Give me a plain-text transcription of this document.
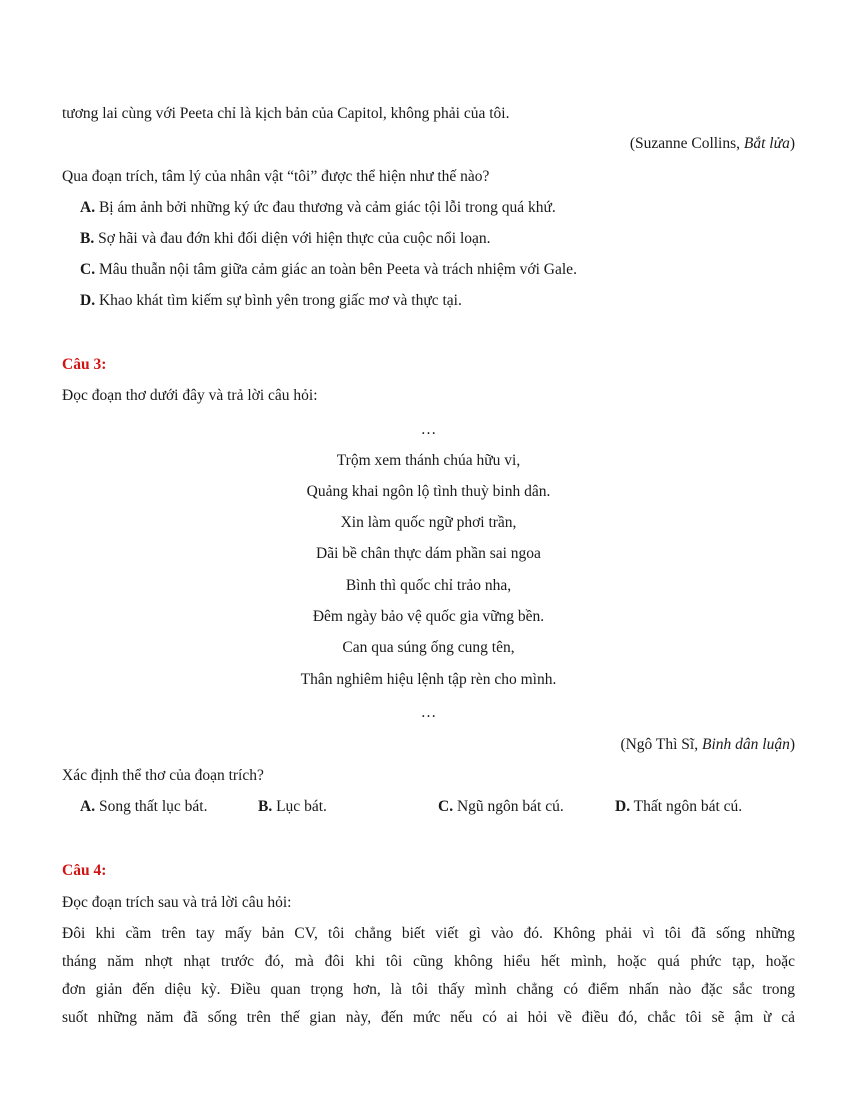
tương lai cùng với Peeta chỉ là kịch bản của Capitol, không phải của tôi.
(Suzanne Collins, Bắt lửa)
Qua đoạn trích, tâm lý của nhân vật “tôi” được thể hiện như thế nào?
A. Bị ám ảnh bởi những ký ức đau thương và cảm giác tội lỗi trong quá khứ.
B. Sợ hãi và đau đớn khi đối diện với hiện thực của cuộc nổi loạn.
C. Mâu thuẫn nội tâm giữa cảm giác an toàn bên Peeta và trách nhiệm với Gale.
D. Khao khát tìm kiếm sự bình yên trong giấc mơ và thực tại.
Câu 3:
Đọc đoạn thơ dưới đây và trả lời câu hỏi:
…
Trộm xem thánh chúa hữu vi,
Quảng khai ngôn lộ tình thuỳ binh dân.
Xin làm quốc ngữ phơi trần,
Dãi bề chân thực dám phần sai ngoa
Bình thì quốc chỉ trảo nha,
Đêm ngày bảo vệ quốc gia vững bền.
Can qua súng ống cung tên,
Thân nghiêm hiệu lệnh tập rèn cho mình.
…
(Ngô Thì Sĩ, Binh dân luận)
Xác định thể thơ của đoạn trích?
A. Song thất lục bát.	B. Lục bát.	C. Ngũ ngôn bát cú.	D. Thất ngôn bát cú.
Câu 4:
Đọc đoạn trích sau và trả lời câu hỏi:
Đôi khi cầm trên tay mấy bản CV, tôi chẳng biết viết gì vào đó. Không phải vì tôi đã sống những
tháng năm nhợt nhạt trước đó, mà đôi khi tôi cũng không hiểu hết mình, hoặc quá phức tạp, hoặc
đơn giản đến diệu kỳ. Điều quan trọng hơn, là tôi thấy mình chẳng có điểm nhấn nào đặc sắc trong
suốt những năm đã sống trên thế gian này, đến mức nếu có ai hỏi về điều đó, chắc tôi sẽ ậm ừ cả
